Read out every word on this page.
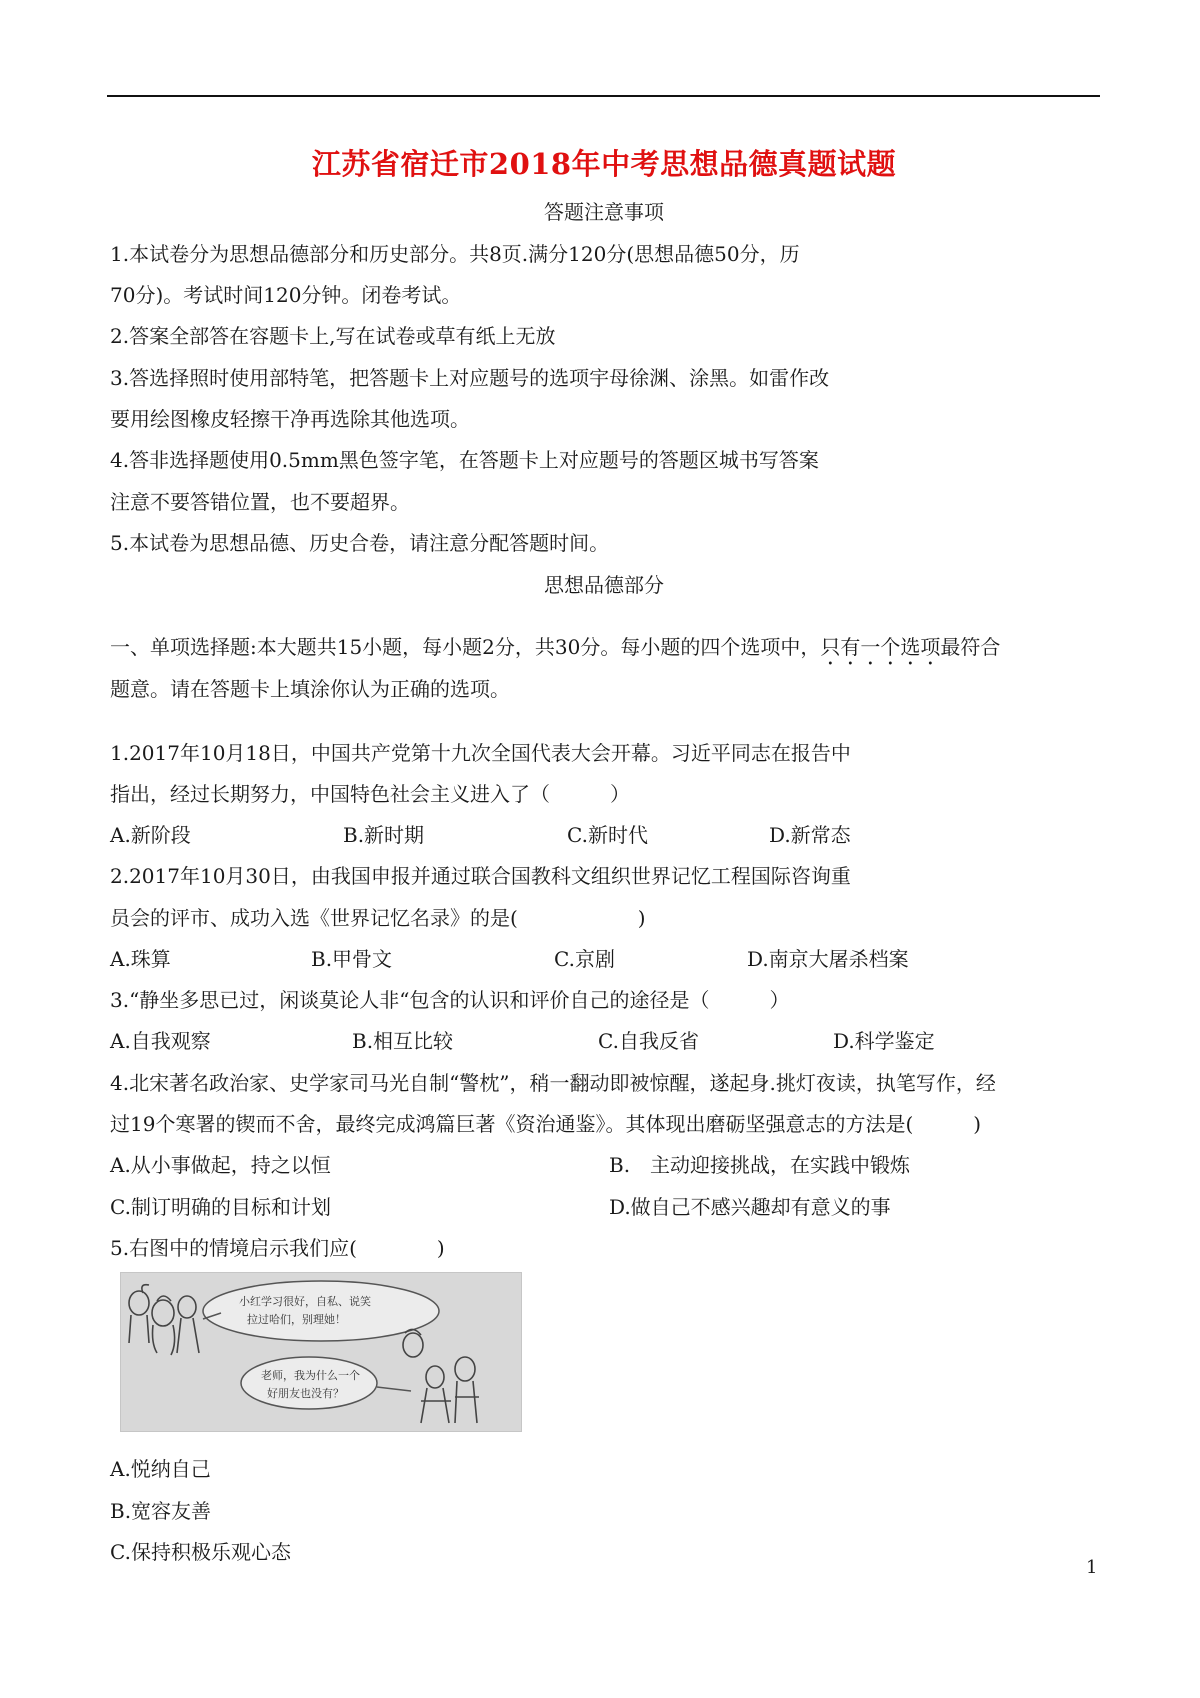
江苏省宿迁市2018年中考思想品德真题试题
答题注意事项
1.本试卷分为思想品德部分和历史部分。共8页.满分120分(思想品德50分，历
70分)。考试时间120分钟。闭卷考试。
2.答案全部答在容题卡上,写在试卷或草有纸上无放
3.答选择照时使用部特笔，把答题卡上对应题号的选项宇母徐渊、涂黑。如雷作改
要用绘图橡皮轻擦干净再选除其他选项。
4.答非选择题使用0.5mm黑色签字笔，在答题卡上对应题号的答题区城书写答案
注意不要答错位置，也不要超界。
5.本试卷为思想品德、历史合卷，请注意分配答题时间。
思想品德部分
一、单项选择题:本大题共15小题，每小题2分，共30分。每小题的四个选项中，只有一个选项最符合
题意。请在答题卡上填涂你认为正确的选项。
1.2017年10月18日，中国共产党第十九次全国代表大会开幕。习近平同志在报告中
指出，经过长期努力，中国特色社会主义进入了（　　　）
A.新阶段	B.新时期	C.新时代	D.新常态
2.2017年10月30日，由我国申报并通过联合国教科文组织世界记忆工程国际咨询重
员会的评市、成功入选《世界记忆名录》的是(　　　　　　)
A.珠算	B.甲骨文	C.京剧	D.南京大屠杀档案
3.“静坐多思已过，闲谈莫论人非“包含的认识和评价自己的途径是（　　　）
A.自我观察	B.相互比较	C.自我反省	D.科学鉴定
4.北宋著名政治家、史学家司马光自制“警枕”，稍一翻动即被惊醒，遂起身.挑灯夜读，执笔写作，经
过19个寒署的锲而不舍，最终完成鸿篇巨著《资治通鉴》。其体现出磨砺坚强意志的方法是(　　　)
A.从小事做起，持之以恒	B.　主动迎接挑战，在实践中锻炼
C.制订明确的目标和计划	D.做自己不感兴趣却有意义的事
5.右图中的情境启示我们应(　　　　)
小红学习很好，自私、说笑
拉过哈们，别理她！
老师，我为什么一个
好朋友也没有？
A.悦纳自己
B.宽容友善
C.保持积极乐观心态
1
